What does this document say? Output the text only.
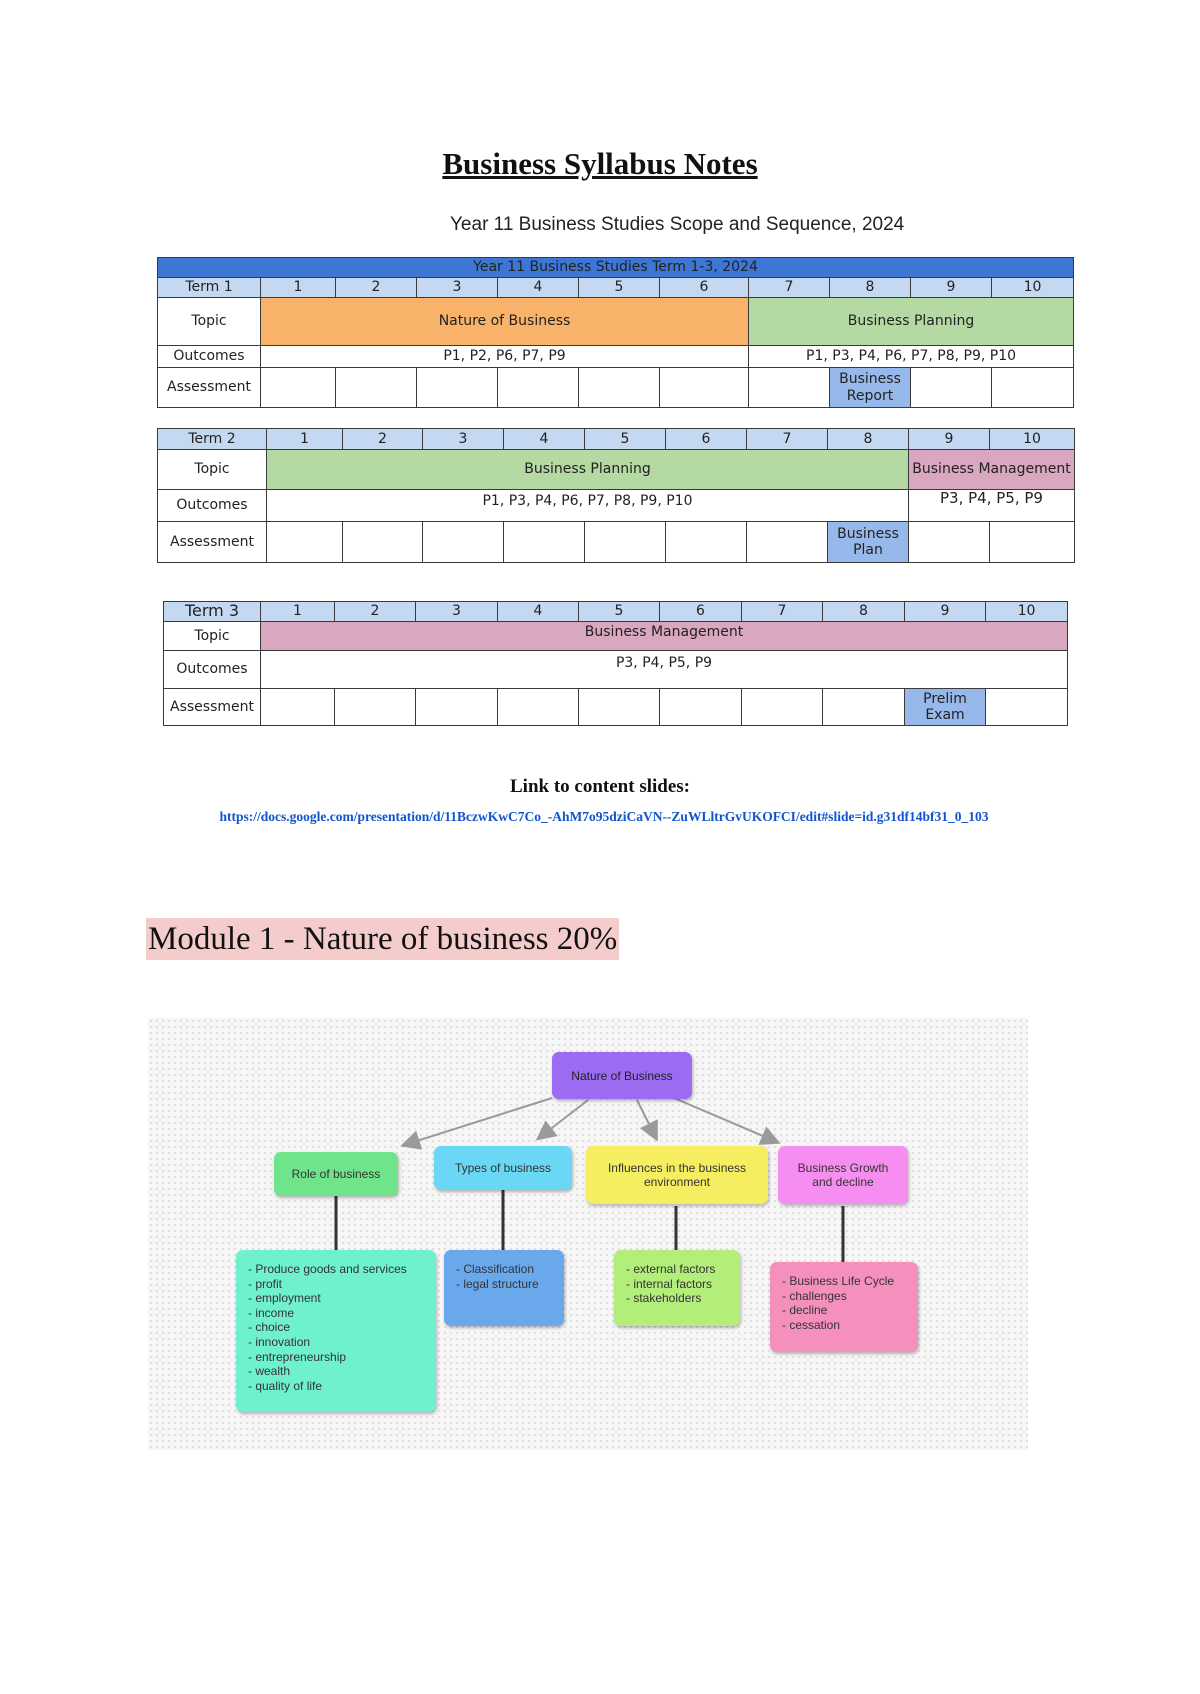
Business Syllabus Notes
Year 11 Business Studies Scope and Sequence, 2024
Year 11 Business Studies Term 1-3, 2024										
Term 1	1	2	3	4	5	6	7	8	9	10
Topic	Nature of Business						Business Planning			
Outcomes	P1, P2, P6, P7, P9						P1, P3, P4, P6, P7, P8, P9, P10			
Assessment								Business Report		
Term 2	1	2	3	4	5	6	7	8	9	10
Topic	Business Planning								Business Management	
Outcomes	P1, P3, P4, P6, P7, P8, P9, P10								P3, P4, P5, P9	
Assessment								Business Plan		
Term 3	1	2	3	4	5	6	7	8	9	10
Topic	Business Management									
Outcomes	P3, P4, P5, P9									
Assessment									Prelim Exam	
Link to content slides:
https://docs.google.com/presentation/d/11BczwKwC7Co_-AhM7o95dziCaVN--ZuWLltrGvUKOFCI/edit#slide=id.g31df14bf31_0_103
Module 1 - Nature of business 20%
Nature of Business
Role of business	Types of business	Influences in the business environment
Business Growth and decline
- Produce goods and services
- profit
- employment
- income
- choice
- innovation
- entrepreneurship
- wealth
- quality of life
- Classification
- legal structure
- external factors
- internal factors
- stakeholders
- Business Life Cycle
- challenges
- decline
- cessation
